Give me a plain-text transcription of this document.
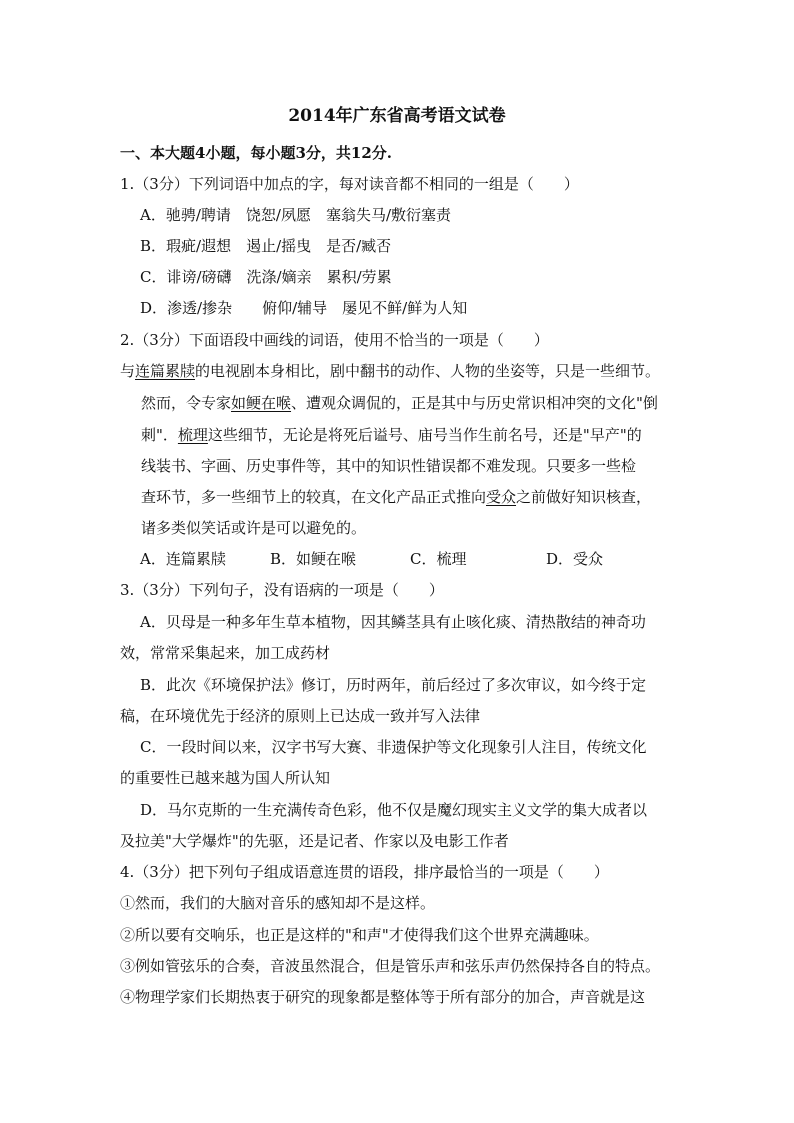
2014年广东省高考语文试卷
一、本大题4小题，每小题3分，共12分.
1.（3分）下列词语中加点的字，每对读音都不相同的一组是（　　）
A．驰骋/聘请　饶恕/夙愿　塞翁失马/敷衍塞责
B．瑕疵/遐想　遏止/摇曳　是否/臧否
C．诽谤/磅礴　洗涤/嫡亲　累积/劳累
D．渗透/掺杂　　俯仰/辅导　屡见不鲜/鲜为人知
2.（3分）下面语段中画线的词语，使用不恰当的一项是（　　）
与连篇累牍的电视剧本身相比，剧中翻书的动作、人物的坐姿等，只是一些细节。
然而，令专家如鲠在喉、遭观众调侃的，正是其中与历史常识相冲突的文化"倒
刺"．梳理这些细节，无论是将死后谥号、庙号当作生前名号，还是"早产"的
线装书、字画、历史事件等，其中的知识性错误都不难发现。只要多一些检
查环节，多一些细节上的较真，在文化产品正式推向受众之前做好知识核查，
诸多类似笑话或许是可以避免的。
A．连篇累牍	B．如鲠在喉	C．梳理	D．受众
3.（3分）下列句子，没有语病的一项是（　　）
A．贝母是一种多年生草本植物，因其鳞茎具有止咳化痰、清热散结的神奇功
效，常常采集起来，加工成药材
B．此次《环境保护法》修订，历时两年，前后经过了多次审议，如今终于定
稿，在环境优先于经济的原则上已达成一致并写入法律
C．一段时间以来，汉字书写大赛、非遗保护等文化现象引人注目，传统文化
的重要性已越来越为国人所认知
D．马尔克斯的一生充满传奇色彩，他不仅是魔幻现实主义文学的集大成者以
及拉美"大学爆炸"的先驱，还是记者、作家以及电影工作者
4.（3分）把下列句子组成语意连贯的语段，排序最恰当的一项是（　　）
①然而，我们的大脑对音乐的感知却不是这样。
②所以要有交响乐，也正是这样的"和声"才使得我们这个世界充满趣味。
③例如管弦乐的合奏，音波虽然混合，但是管乐声和弦乐声仍然保持各自的特点。
④物理学家们长期热衷于研究的现象都是整体等于所有部分的加合，声音就是这
